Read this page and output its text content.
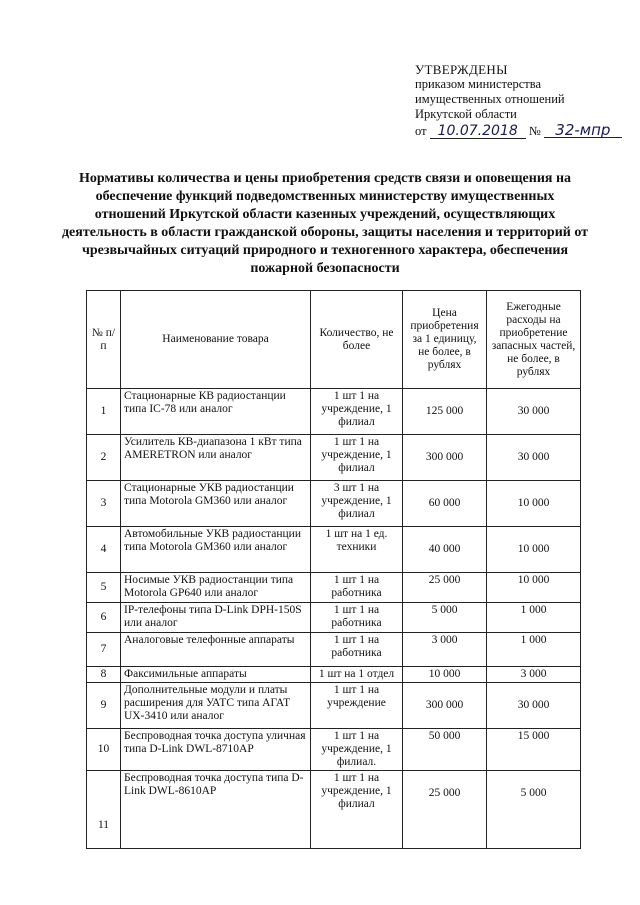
УТВЕРЖДЕНЫ
приказом министерства
имущественных отношений
Иркутской области
от 10.07.2018 № 32-мпр
Нормативы количества и цены приобретения средств связи и оповещения на обеспечение функций подведомственных министерству имущественных отношений Иркутской области казенных учреждений, осуществляющих деятельность в области гражданской обороны, защиты населения и территорий от чрезвычайных ситуаций природного и техногенного характера, обеспечения пожарной безопасности
№ п/п	Наименование товара	Количество, не более	Цена приобретения за 1 единицу, не более, в рублях	Ежегодные расходы на приобретение запасных частей, не более, в рублях
1	Стационарные КВ радиостанции типа IC-78 или аналог	1 шт 1 на учреждение, 1 филиал	125 000	30 000
2	Усилитель КВ-диапазона 1 кВт типа AMERETRON или аналог	1 шт 1 на учреждение, 1 филиал	300 000	30 000
3	Стационарные УКВ радиостанции типа Motorola GM360 или аналог	3 шт 1 на учреждение, 1 филиал	60 000	10 000
4	Автомобильные УКВ радиостанции типа Motorola GM360 или аналог	1 шт на 1 ед. техники	40 000	10 000
5	Носимые УКВ радиостанции типа Motorola GP640 или аналог	1 шт 1 на работника	25 000	10 000
6	IP-телефоны типа D-Link DPH-150S или аналог	1 шт 1 на работника	5 000	1 000
7	Аналоговые телефонные аппараты	1 шт 1 на работника	3 000	1 000
8	Факсимильные аппараты	1 шт на 1 отдел	10 000	3 000
9	Дополнительные модули и платы расширения для УАТС типа АГАТ UX-3410 или аналог	1 шт 1 на учреждение	300 000	30 000
10	Беспроводная точка доступа уличная типа D-Link DWL-8710AP	1 шт 1 на учреждение, 1 филиал.	50 000	15 000
11	Беспроводная точка доступа типа D-Link DWL-8610AP	1 шт 1 на учреждение, 1 филиал	25 000	5 000
